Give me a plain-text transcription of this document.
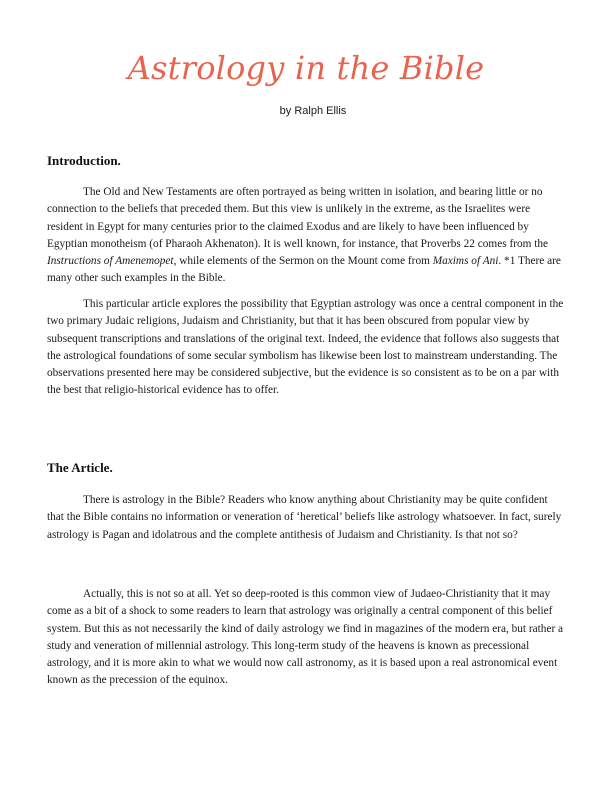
Astrology in the Bible
by Ralph Ellis
Introduction.

The Old and New Testaments are often portrayed as being written in isolation, and bearing little or no connection to the beliefs that preceded them. But this view is unlikely in the extreme, as the Israelites were resident in Egypt for many centuries prior to the claimed Exodus and are likely to have been influenced by Egyptian monotheism (of Pharaoh Akhenaton). It is well known, for instance, that Proverbs 22 comes from the Instructions of Amenemopet, while elements of the Sermon on the Mount come from Maxims of Ani. *1 There are many other such examples in the Bible.

This particular article explores the possibility that Egyptian astrology was once a central component in the two primary Judaic religions, Judaism and Christianity, but that it has been obscured from popular view by subsequent transcriptions and translations of the original text. Indeed, the evidence that follows also suggests that the astrological foundations of some secular symbolism has likewise been lost to mainstream understanding. The observations presented here may be considered subjective, but the evidence is so consistent as to be on a par with the best that religio-historical evidence has to offer.

The Article.

There is astrology in the Bible? Readers who know anything about Christianity may be quite confident that the Bible contains no information or veneration of ‘heretical’ beliefs like astrology whatsoever. In fact, surely astrology is Pagan and idolatrous and the complete antithesis of Judaism and Christianity. Is that not so?

Actually, this is not so at all. Yet so deep-rooted is this common view of Judaeo-Christianity that it may come as a bit of a shock to some readers to learn that astrology was originally a central component of this belief system. But this as not necessarily the kind of daily astrology we find in magazines of the modern era, but rather a study and veneration of millennial astrology. This long-term study of the heavens is known as precessional astrology, and it is more akin to what we would now call astronomy, as it is based upon a real astronomical event known as the precession of the equinox.
